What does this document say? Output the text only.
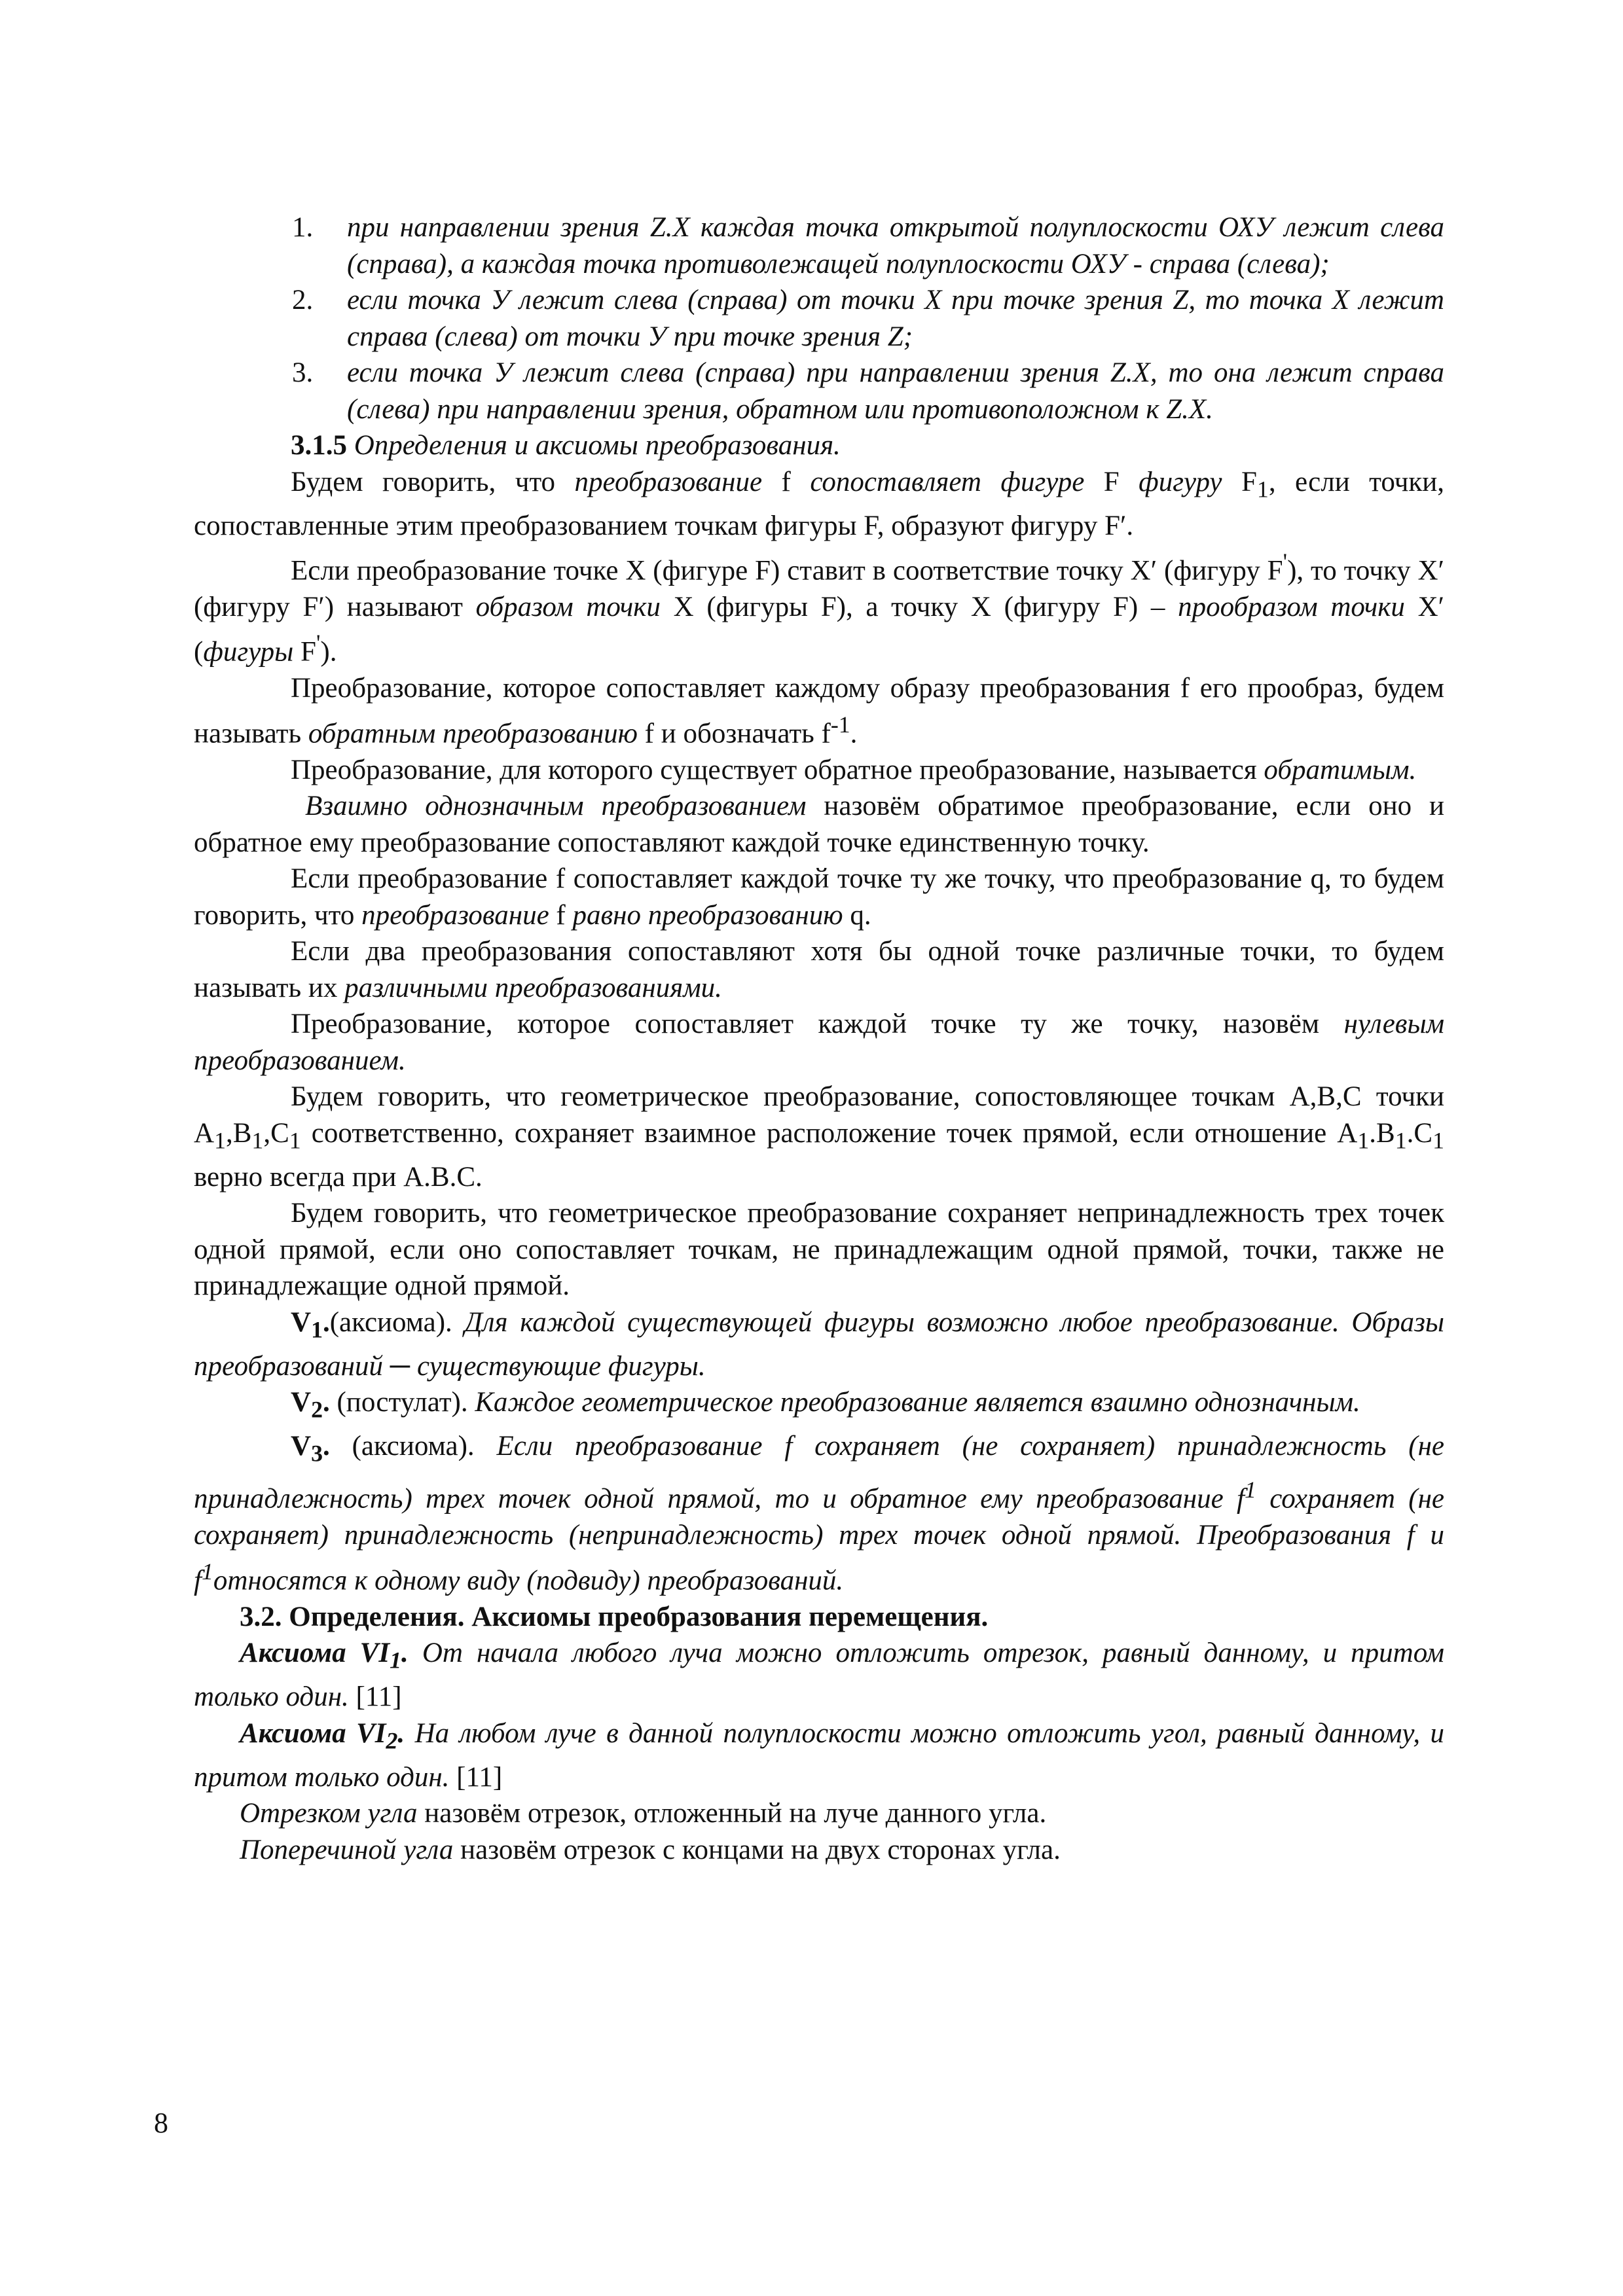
1. при направлении зрения Z.X каждая точка открытой полуплоскости ОХУ лежит слева (справа), а каждая точка противолежащей полуплоскости ОХУ - справа (слева);
2. если точка У лежит слева (справа) от точки Х при точке зрения Z, то точка Х лежит справа (слева) от точки У при точке зрения Z;
3. если точка У лежит слева (справа) при направлении зрения Z.X, то она лежит справа (слева) при направлении зрения, обратном или противоположном к Z.X.

3.1.5 Определения и аксиомы преобразования.

Будем говорить, что преобразование f сопоставляет фигуре F фигуру $F_1$, если точки, сопоставленные этим преобразованием точкам фигуры F, образуют фигуру F′.

Если преобразование точке Х (фигуре F) ставит в соответствие точку X′ (фигуру F'), то точку X′ (фигуру F′) называют образом точки Х (фигуры F), а точку Х (фигуру F) – прообразом точки X′ (фигуры F').

Преобразование, которое сопоставляет каждому образу преобразования f его прообраз, будем называть обратным преобразованию f и обозначать $f^{-1}$.

Преобразование, для которого существует обратное преобразование, называется обратимым.

Взаимно однозначным преобразованием назовём обратимое преобразование, если оно и обратное ему преобразование сопоставляют каждой точке единственную точку.

Если преобразование f сопоставляет каждой точке ту же точку, что преобразование q, то будем говорить, что преобразование f равно преобразованию q.

Если два преобразования сопоставляют хотя бы одной точке различные точки, то будем называть их различными преобразованиями.

Преобразование, которое сопоставляет каждой точке ту же точку, назовём нулевым преобразованием.

Будем говорить, что геометрическое преобразование, сопостовляющее точкам А,В,С точки $А_1,В_1,С_1$ соответственно, сохраняет взаимное расположение точек прямой, если отношение $А_1.В_1.С_1$ верно всегда при А.В.С.

Будем говорить, что геометрическое преобразование сохраняет непринадлежность трех точек одной прямой, если оно сопоставляет точкам, не принадлежащим одной прямой, точки, также не принадлежащие одной прямой.

$V_1.(аксиома)$. Для каждой существующей фигуры возможно любое преобразование. Образы преобразований ─ существующие фигуры.

$V_2$. (постулат). Каждое геометрическое преобразование является взаимно однозначным.

$V_3$. (аксиома). Если преобразование f сохраняет (не сохраняет) принадлежность (не принадлежность) трех точек одной прямой, то и обратное ему преобразование $f^1$ сохраняет (не сохраняет) принадлежность (непринадлежность) трех точек одной прямой. Преобразования f и $f^1относятся$ к одному виду (подвиду) преобразований.

3.2. Определения. Аксиомы преобразования перемещения.

Аксиома $VI_1$. От начала любого луча можно отложить отрезок, равный данному, и притом только один. [11]

Аксиома $VI_2$. На любом луче в данной полуплоскости можно отложить угол, равный данному, и притом только один. [11]

Отрезком угла назовём отрезок, отложенный на луче данного угла.

Поперечиной угла назовём отрезок с концами на двух сторонах угла.

8
